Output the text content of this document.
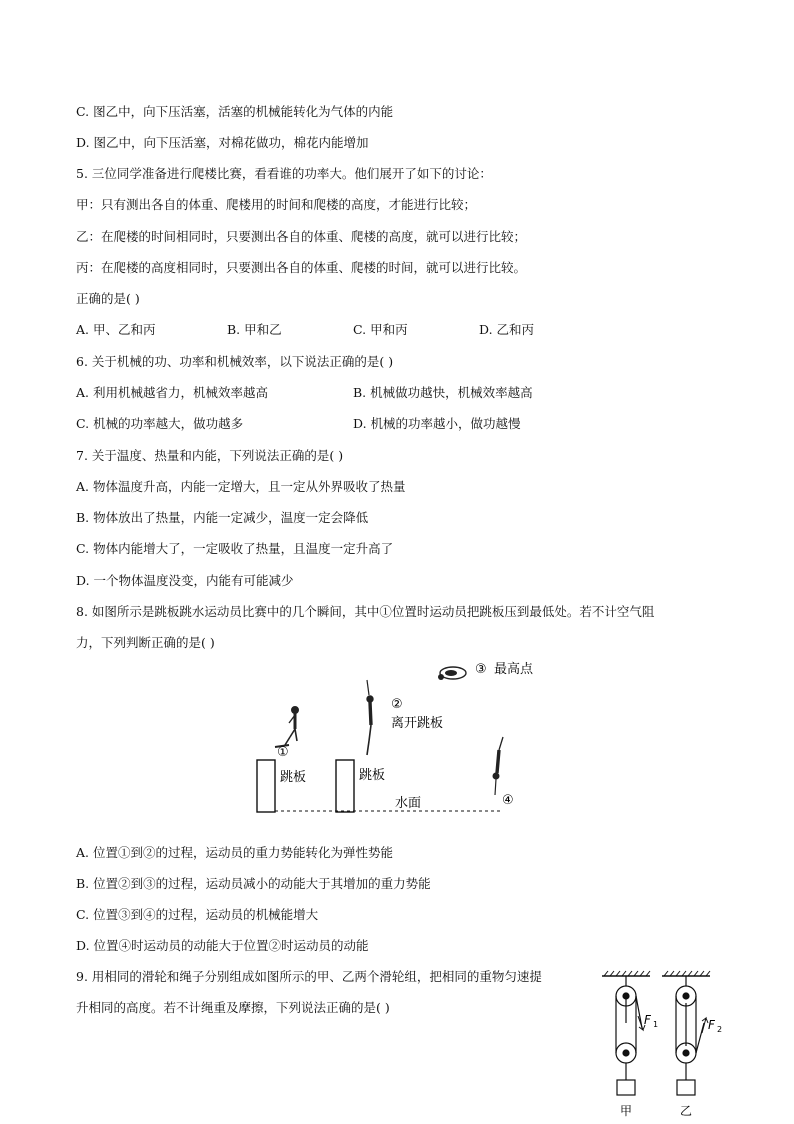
C. 图乙中，向下压活塞，活塞的机械能转化为气体的内能

D. 图乙中，向下压活塞，对棉花做功，棉花内能增加

5. 三位同学准备进行爬楼比赛，看看谁的功率大。他们展开了如下的讨论：

甲：只有测出各自的体重、爬楼用的时间和爬楼的高度，才能进行比较；

乙：在爬楼的时间相同时，只要测出各自的体重、爬楼的高度，就可以进行比较；

丙：在爬楼的高度相同时，只要测出各自的体重、爬楼的时间，就可以进行比较。

正确的是( )

A. 甲、乙和丙	B. 甲和乙	C. 甲和丙	D. 乙和丙

6. 关于机械的功、功率和机械效率，以下说法正确的是( )

A. 利用机械越省力，机械效率越高	B. 机械做功越快，机械效率越高

C. 机械的功率越大，做功越多	D. 机械的功率越小，做功越慢

7. 关于温度、热量和内能，下列说法正确的是( )

A. 物体温度升高，内能一定增大，且一定从外界吸收了热量

B. 物体放出了热量，内能一定减少，温度一定会降低

C. 物体内能增大了，一定吸收了热量，且温度一定升高了

D. 一个物体温度没变，内能有可能减少

8. 如图所示是跳板跳水运动员比赛中的几个瞬间，其中①位置时运动员把跳板压到最低处。若不计空气阻

力，下列判断正确的是( )

①
跳板	跳板
②
离开跳板
③ 最高点
水面	④

A. 位置①到②的过程，运动员的重力势能转化为弹性势能

B. 位置②到③的过程，运动员减小的动能大于其增加的重力势能

C. 位置③到④的过程，运动员的机械能增大

D. 位置④时运动员的动能大于位置②时运动员的动能

9. 用相同的滑轮和绳子分别组成如图所示的甲、乙两个滑轮组，把相同的重物匀速提

升相同的高度。若不计绳重及摩擦，下列说法正确的是( )

F 1	F 2
甲	乙
